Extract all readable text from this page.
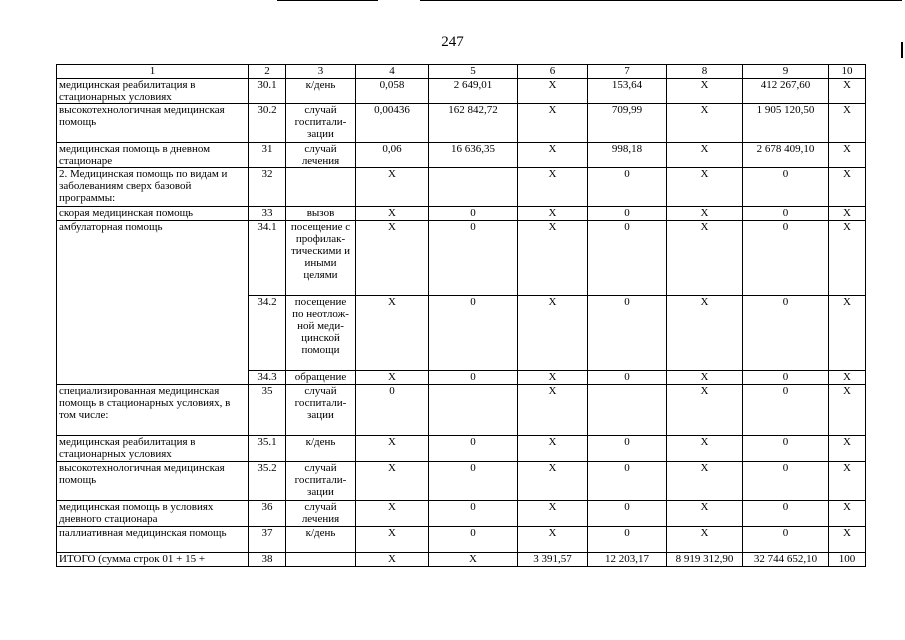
247
1	2	3	4	5	6	7	8	9	10
медицинская реабилитация в стационарных условиях	30.1	к/день	0,058	2 649,01	Х	153,64	Х	412 267,60	Х
высокотехнологичная медицинская помощь	30.2	случай госпитали-зации	0,00436	162 842,72	Х	709,99	Х	1 905 120,50	Х
медицинская помощь в дневном стационаре	31	случай лечения	0,06	16 636,35	Х	998,18	Х	2 678 409,10	Х
2. Медицинская помощь по видам и заболеваниям сверх базовой программы:	32		Х		Х	0	Х	0	Х
скорая медицинская помощь	33	вызов	Х	0	Х	0	Х	0	Х
амбулаторная помощь	34.1	посещение с профилак-тическими и иными целями	Х	0	Х	0	Х	0	Х
	34.2	посещение по неотлож-ной меди-цинской помощи	Х	0	Х	0	Х	0	Х
	34.3	обращение	Х	0	Х	0	Х	0	Х
специализированная медицинская помощь в стационарных условиях, в том числе:	35	случай госпитали-зации	0		Х		Х	0	Х
медицинская реабилитация в стационарных условиях	35.1	к/день	Х	0	Х	0	Х	0	Х
высокотехнологичная медицинская помощь	35.2	случай госпитали-зации	Х	0	Х	0	Х	0	Х
медицинская помощь в условиях дневного стационара	36	случай лечения	Х	0	Х	0	Х	0	Х
паллиативная медицинская помощь	37	к/день	Х	0	Х	0	Х	0	Х
ИТОГО (сумма строк 01 + 15 +	38		Х	Х	3 391,57	12 203,17	8 919 312,90	32 744 652,10	100
